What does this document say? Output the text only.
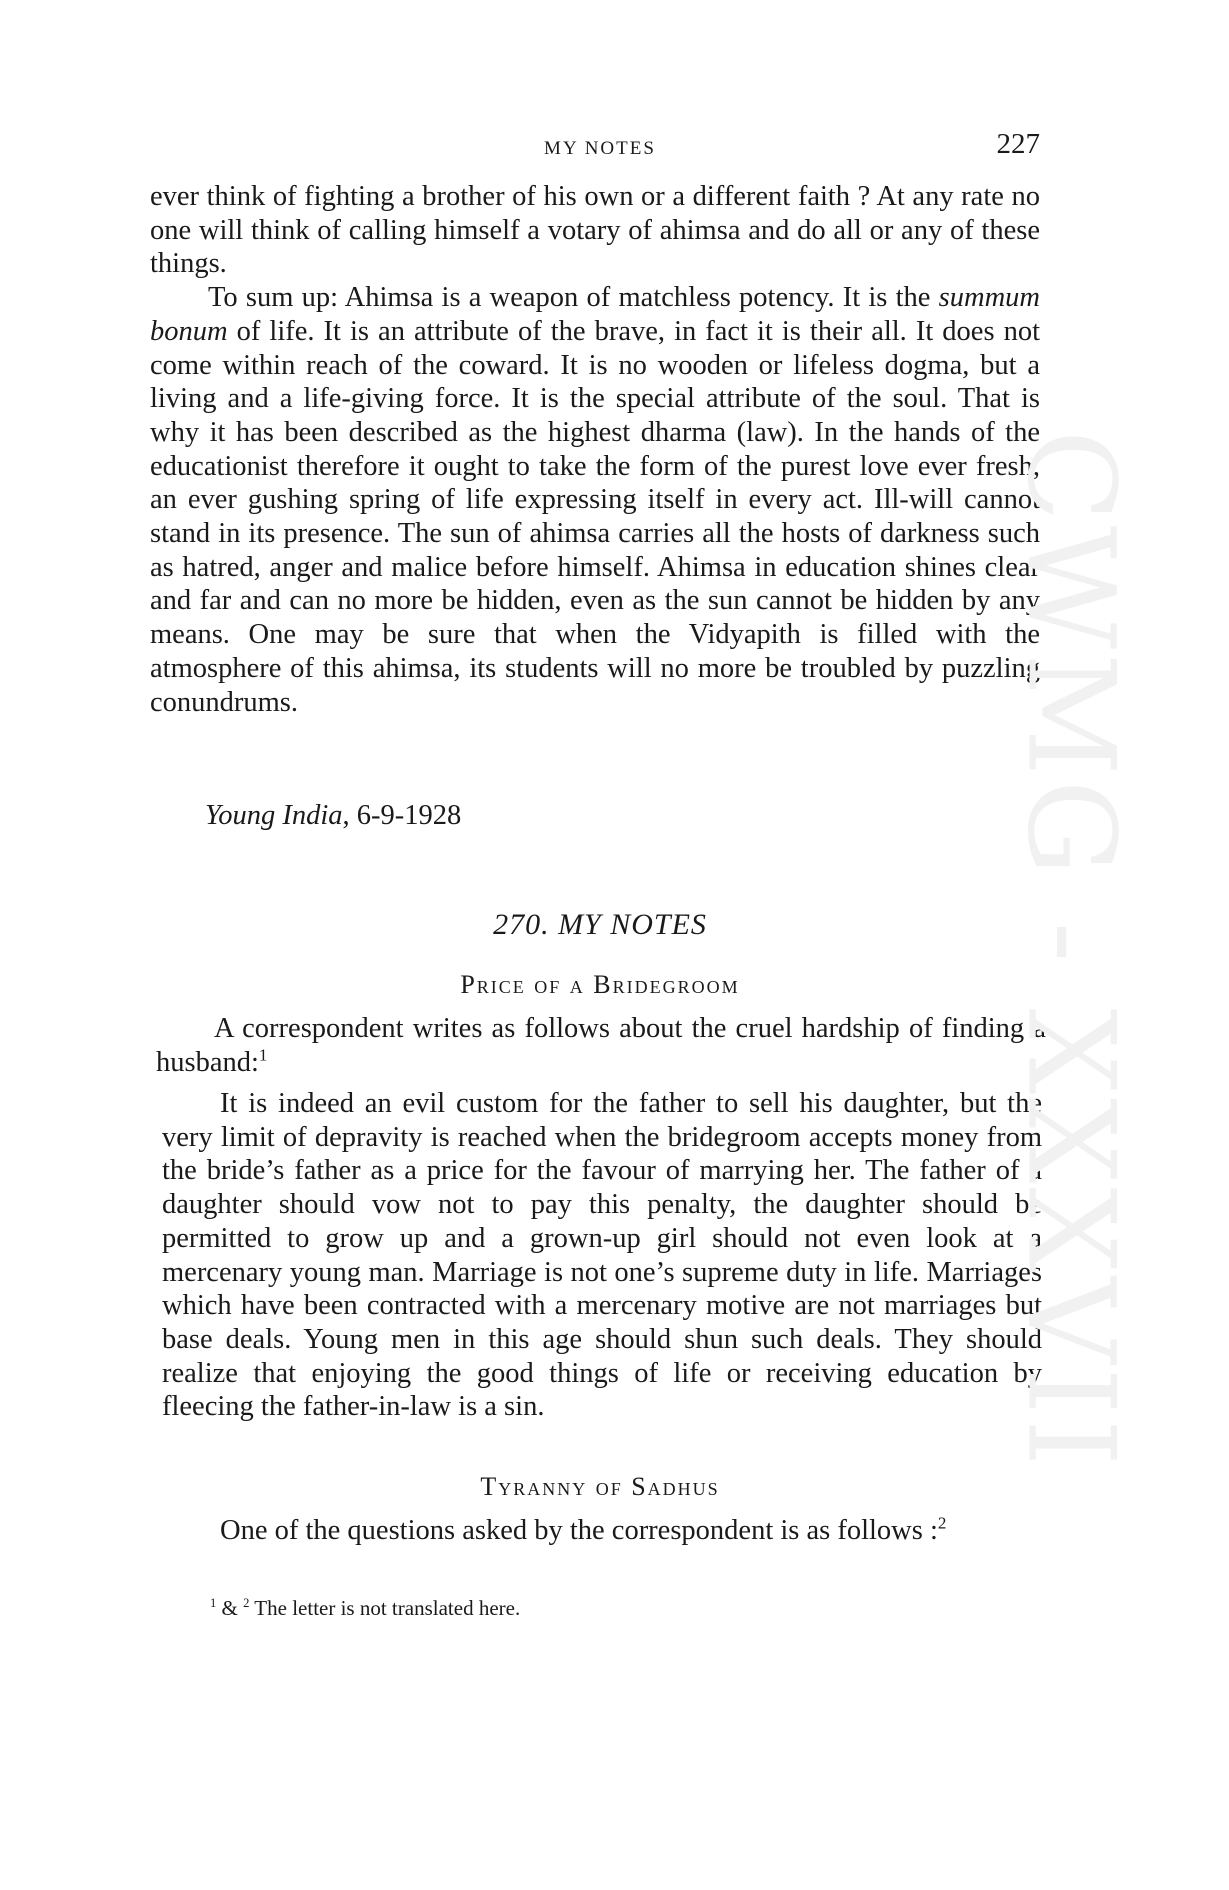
MY NOTES	227

ever think of fighting a brother of his own or a different faith ? At any rate no one will think of calling himself a votary of ahimsa and do all or any of these things.

To sum up: Ahimsa is a weapon of matchless potency. It is the summum bonum of life. It is an attribute of the brave, in fact it is their all. It does not come within reach of the coward. It is no wooden or lifeless dogma, but a living and a life-giving force. It is the special attribute of the soul. That is why it has been described as the highest dharma (law). In the hands of the educationist therefore it ought to take the form of the purest love ever fresh, an ever gushing spring of life expressing itself in every act. Ill-will cannot stand in its presence. The sun of ahimsa carries all the hosts of darkness such as hatred, anger and malice before himself. Ahimsa in education shines clear and far and can no more be hidden, even as the sun cannot be hidden by any means. One may be sure that when the Vidyapith is filled with the atmosphere of this ahimsa, its students will no more be troubled by puzzling conundrums.

Young India, 6-9-1928
270. MY NOTES
Price of a Bridegroom

A correspondent writes as follows about the cruel hardship of finding a husband:$^1$

It is indeed an evil custom for the father to sell his daughter, but the very limit of depravity is reached when the bridegroom accepts money from the bride’s father as a price for the favour of marrying her. The father of a daughter should vow not to pay this penalty, the daughter should be permitted to grow up and a grown-up girl should not even look at a mercenary young man. Marriage is not one’s supreme duty in life. Marriages which have been contracted with a mercenary motive are not marriages but base deals. Young men in this age should shun such deals. They should realize that enjoying the good things of life or receiving education by fleecing the father-in-law is a sin.

Tyranny of Sadhus

One of the questions asked by the correspondent is as follows :$^2$

$^1$ & $^2$ The letter is not translated here.
CWMG - XXXVII
